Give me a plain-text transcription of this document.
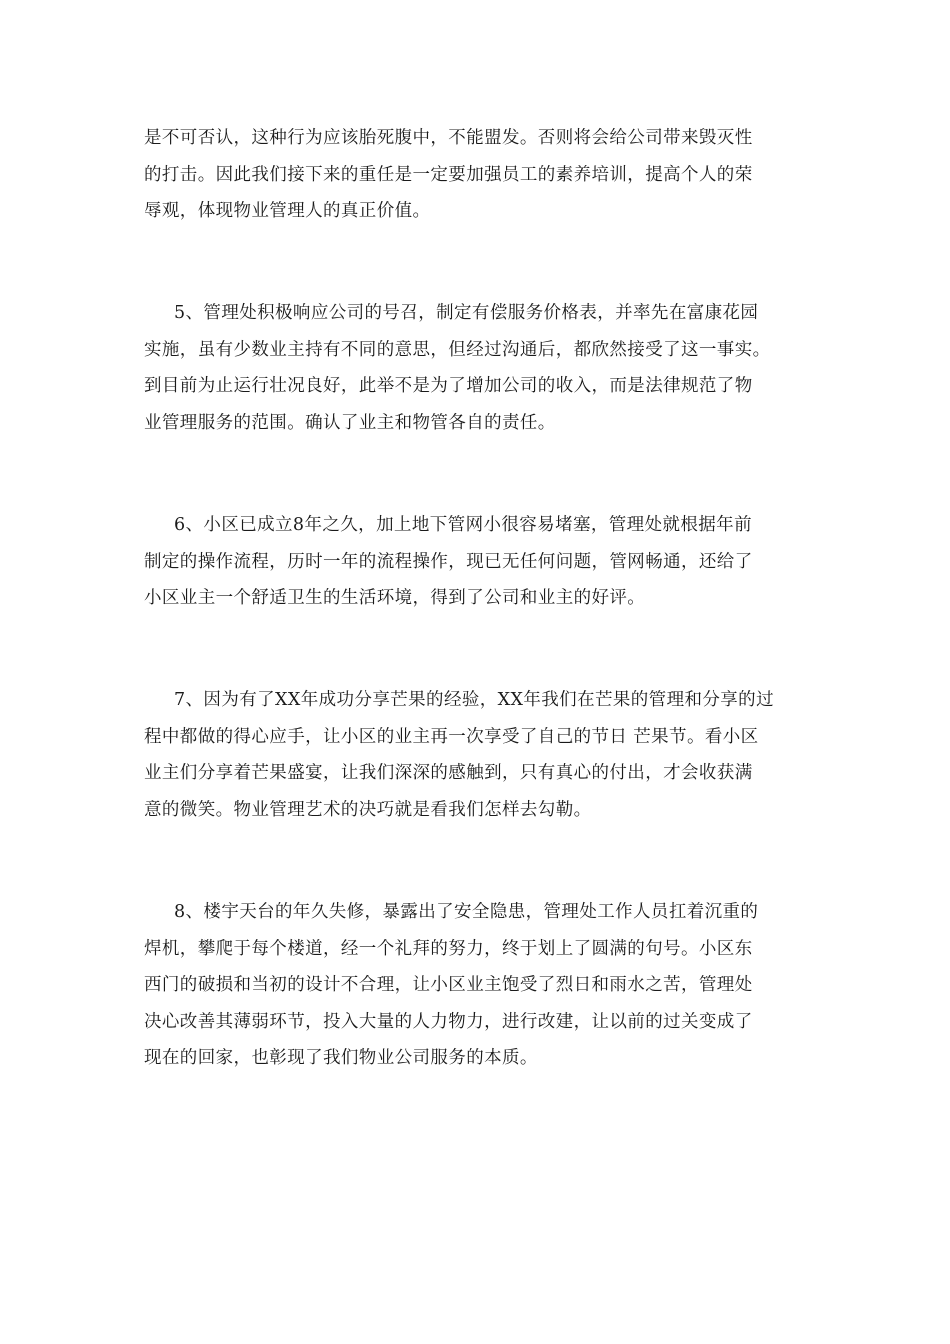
是不可否认，这种行为应该胎死腹中，不能盟发。否则将会给公司带来毁灭性
的打击。因此我们接下来的重任是一定要加强员工的素养培训，提高个人的荣
辱观，体现物业管理人的真正价值。
5、管理处积极响应公司的号召，制定有偿服务价格表，并率先在富康花园
实施，虽有少数业主持有不同的意思，但经过沟通后，都欣然接受了这一事实。
到目前为止运行壮况良好，此举不是为了增加公司的收入，而是法律规范了物
业管理服务的范围。确认了业主和物管各自的责任。
6、小区已成立8年之久，加上地下管网小很容易堵塞，管理处就根据年前
制定的操作流程，历时一年的流程操作，现已无任何问题，管网畅通，还给了
小区业主一个舒适卫生的生活环境，得到了公司和业主的好评。
7、因为有了XX年成功分享芒果的经验，XX年我们在芒果的管理和分享的过
程中都做的得心应手，让小区的业主再一次享受了自己的节日 芒果节。看小区
业主们分享着芒果盛宴，让我们深深的感触到，只有真心的付出，才会收获满
意的微笑。物业管理艺术的决巧就是看我们怎样去勾勒。
8、楼宇天台的年久失修，暴露出了安全隐患，管理处工作人员扛着沉重的
焊机，攀爬于每个楼道，经一个礼拜的努力，终于划上了圆满的句号。小区东
西门的破损和当初的设计不合理，让小区业主饱受了烈日和雨水之苦，管理处
决心改善其薄弱环节，投入大量的人力物力，进行改建，让以前的过关变成了
现在的回家，也彰现了我们物业公司服务的本质。
